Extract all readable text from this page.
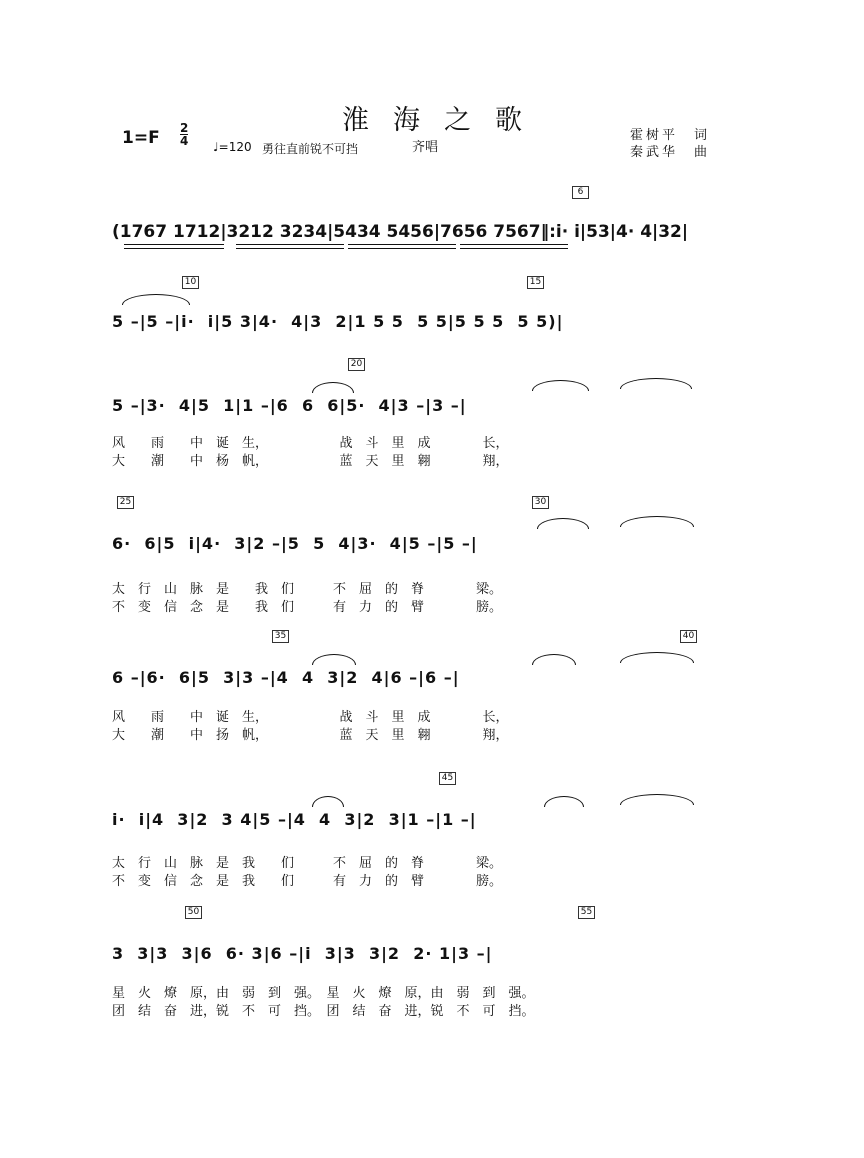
淮海之歌
1=F 2
4 ♩=120 勇往直前锐不可挡	齐唱
霍树平　词
秦武华　曲
6
(1767 1712|3212 3234|5434 5456|7656 7567‖:i· i|53|4· 4|32|
10	15
5 –|5 –|i·  i|5 3|4·  4|3  2|1 5 5  5 5|5 5 5  5 5)|
20
5 –|3·  4|5  1|1 –|6  6  6|5·  4|3 –|3 –|
风　　雨　　中　诞　生，　　　　　　战　斗　里　成　　　　长，
大　　潮　　中　杨　帆，　　　　　　蓝　天　里　翱　　　　翔，
25	30
6·  6|5  i|4·  3|2 –|5  5  4|3·  4|5 –|5 –|
太　行　山　脉　是　　我　们　　　不　屈　的　脊　　　　梁。
不　变　信　念　是　　我　们　　　有　力　的　臂　　　　膀。
35	40
6 –|6·  6|5  3|3 –|4  4  3|2  4|6 –|6 –|
风　　雨　　中　诞　生，　　　　　　战　斗　里　成　　　　长，
大　　潮　　中　扬　帆，　　　　　　蓝　天　里　翱　　　　翔，
45
i·  i|4  3|2  3 4|5 –|4  4  3|2  3|1 –|1 –|
太　行　山　脉　是　我　　们　　　不　屈　的　脊　　　　梁。
不　变　信　念　是　我　　们　　　有　力　的　臂　　　　膀。
50	55
3  3|3  3|6  6· 3|6 –|i  3|3  3|2  2· 1|3 –|
星　火　燎　原，由　弱　到　强。　星　火　燎　原，由　弱　到　强。
团　结　奋　进，锐　不　可　挡。　团　结　奋　进，锐　不　可　挡。
